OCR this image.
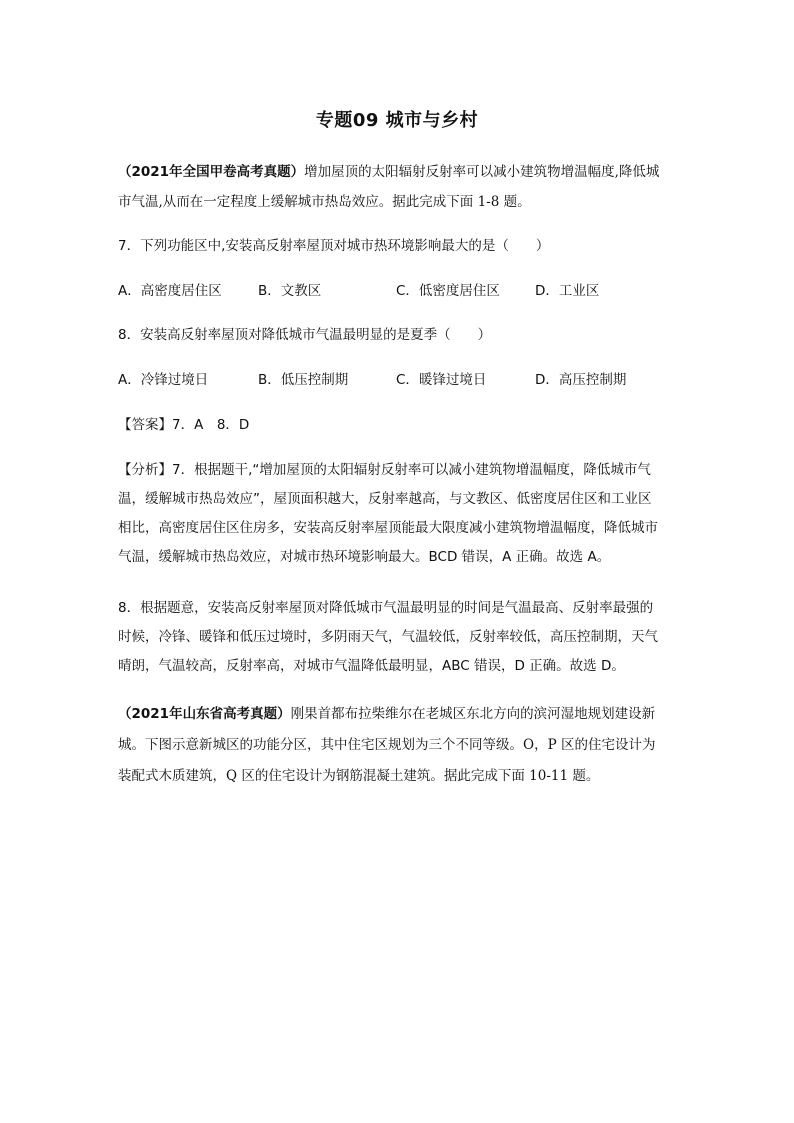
专题09 城市与乡村
（2021年全国甲卷高考真题）增加屋顶的太阳辐射反射率可以减小建筑物增温幅度,降低城
市气温,从而在一定程度上缓解城市热岛效应。据此完成下面 1-8 题。
7．下列功能区中,安装高反射率屋顶对城市热环境影响最大的是（　　）
A．高密度居住区	B．文教区	C．低密度居住区	D．工业区
8．安装高反射率屋顶对降低城市气温最明显的是夏季（　　）
A．冷锋过境日	B．低压控制期	C．暖锋过境日	D．高压控制期
【答案】7．A　8．D
【分析】7．根据题干,“增加屋顶的太阳辐射反射率可以减小建筑物增温幅度，降低城市气
温，缓解城市热岛效应”，屋顶面积越大，反射率越高，与文教区、低密度居住区和工业区
相比，高密度居住区住房多，安装高反射率屋顶能最大限度减小建筑物增温幅度，降低城市
气温，缓解城市热岛效应，对城市热环境影响最大。BCD 错误，A 正确。故选 A。
8．根据题意，安装高反射率屋顶对降低城市气温最明显的时间是气温最高、反射率最强的
时候，冷锋、暖锋和低压过境时，多阴雨天气，气温较低，反射率较低，高压控制期，天气
晴朗，气温较高，反射率高，对城市气温降低最明显，ABC 错误，D 正确。故选 D。
（2021年山东省高考真题）刚果首都布拉柴维尔在老城区东北方向的滨河湿地规划建设新
城。下图示意新城区的功能分区，其中住宅区规划为三个不同等级。O，P 区的住宅设计为
装配式木质建筑，Q 区的住宅设计为钢筋混凝土建筑。据此完成下面 10-11 题。
